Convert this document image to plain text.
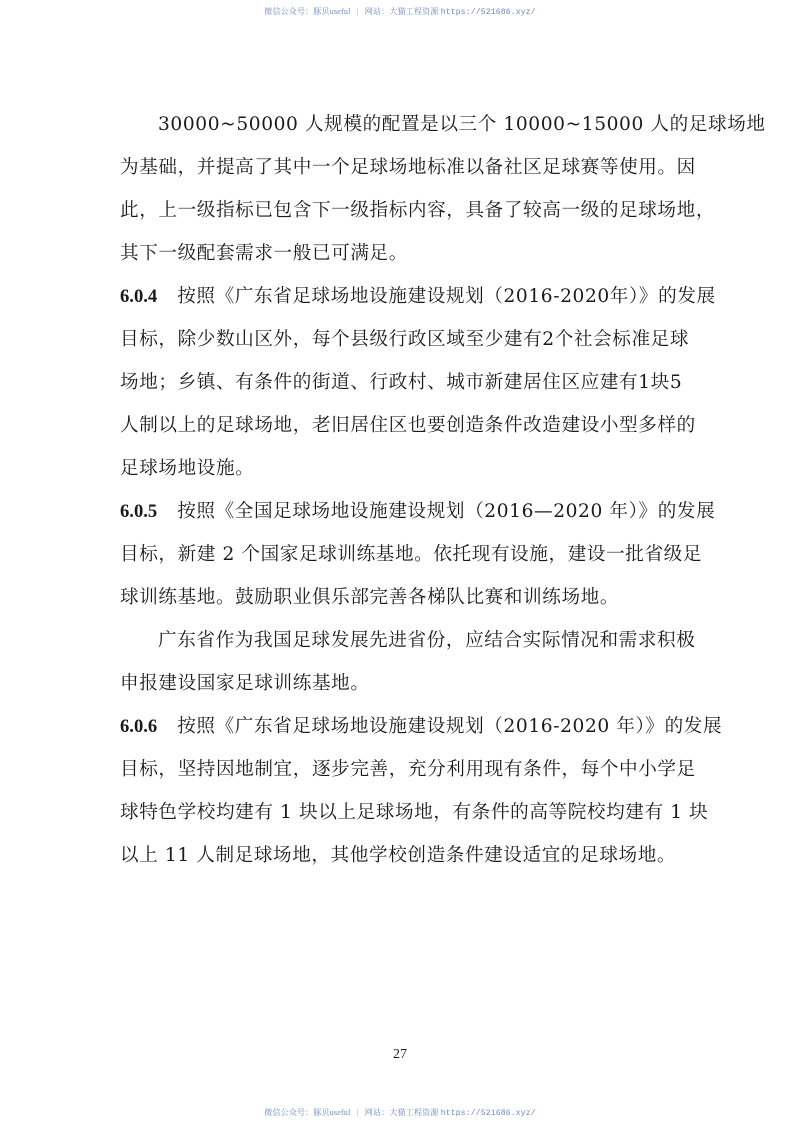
微信公众号：豚贝useful | 网站：大猫工程资源 https://521686.xyz/

30000~50000 人规模的配置是以三个 10000~15000 人的足球场地
为基础，并提高了其中一个足球场地标准以备社区足球赛等使用。因
此，上一级指标已包含下一级指标内容，具备了较高一级的足球场地，
其下一级配套需求一般已可满足。

6.0.4 按照《广东省足球场地设施建设规划（2016-2020年）》的发展
目标，除少数山区外，每个县级行政区域至少建有2个社会标准足球
场地；乡镇、有条件的街道、行政村、城市新建居住区应建有1块5
人制以上的足球场地，老旧居住区也要创造条件改造建设小型多样的
足球场地设施。

6.0.5 按照《全国足球场地设施建设规划（2016—2020 年）》的发展
目标，新建 2 个国家足球训练基地。依托现有设施，建设一批省级足
球训练基地。鼓励职业俱乐部完善各梯队比赛和训练场地。

广东省作为我国足球发展先进省份，应结合实际情况和需求积极
申报建设国家足球训练基地。

6.0.6 按照《广东省足球场地设施建设规划（2016-2020 年）》的发展
目标，坚持因地制宜，逐步完善，充分利用现有条件，每个中小学足
球特色学校均建有 1 块以上足球场地，有条件的高等院校均建有 1 块
以上 11 人制足球场地，其他学校创造条件建设适宜的足球场地。

27
微信公众号：豚贝useful | 网站：大猫工程资源 https://521686.xyz/
